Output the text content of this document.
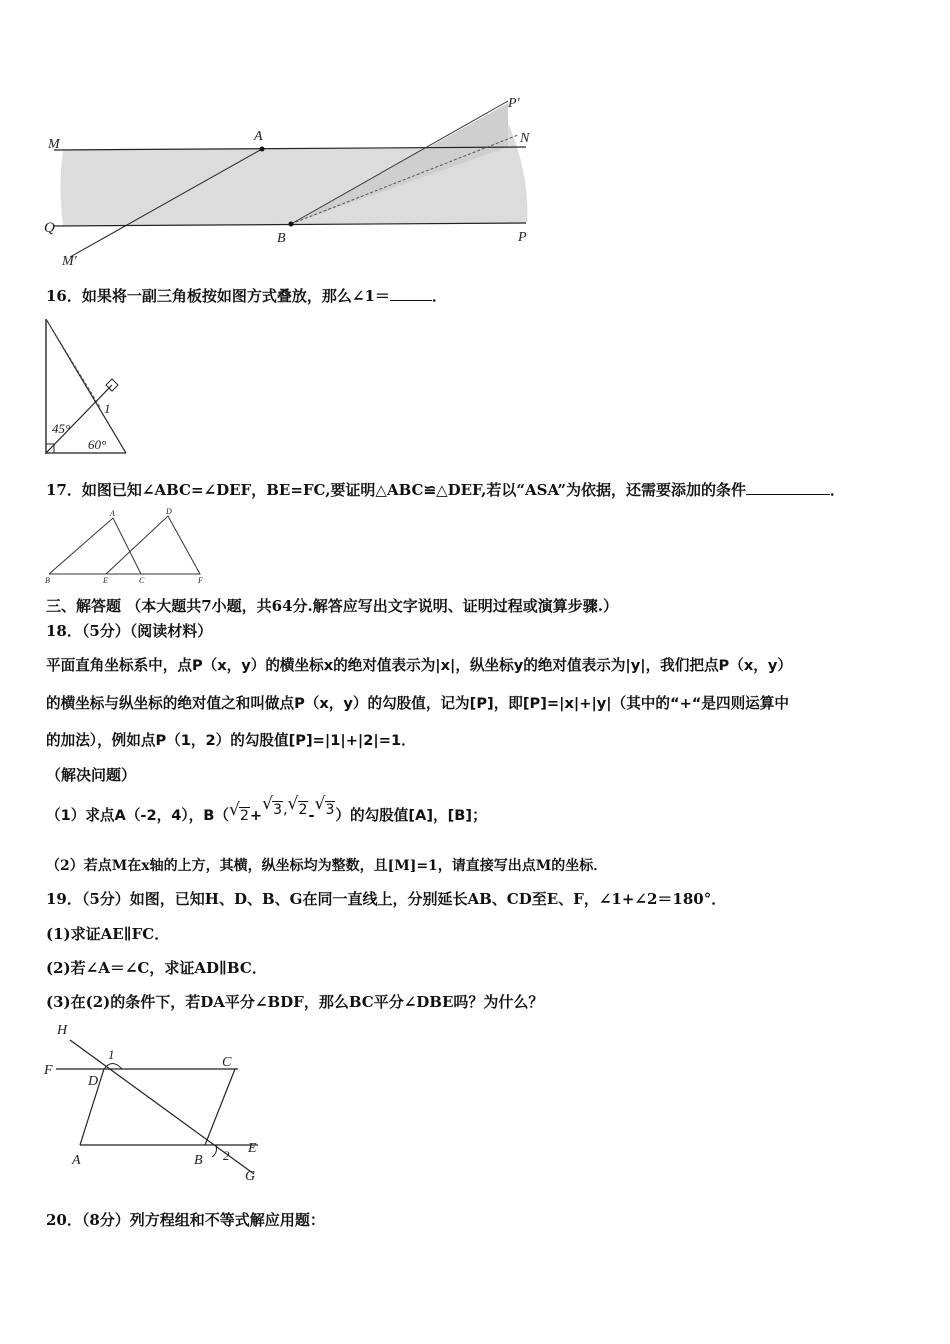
M
A
P′
N
Q
B	P
M′
16．如果将一副三角板按如图方式叠放，那么∠1＝	．
1
45°
60°
17．如图已知∠ABC=∠DEF，BE=FC,要证明△ABC≌△DEF,若以“ASA”为依据，还需要添加的条件	．
A	D
B	E	C	F
三、解答题 （本大题共7小题，共64分.解答应写出文字说明、证明过程或演算步骤.）
18．（5分）（阅读材料）
平面直角坐标系中，点P（x，y）的横坐标x的绝对值表示为|x|，纵坐标y的绝对值表示为|y|，我们把点P（x，y）
的横坐标与纵坐标的绝对值之和叫做点P（x，y）的勾股值，记为[P]，即[P]=|x|+|y|（其中的“+“是四则运算中
的加法），例如点P（1，2）的勾股值[P]=|1|+|2|=1．
（解决问题）
（1）求点A（-2，4），B（ √ 2+
√ 3, √ 2-
√ 3）的勾股值[A]，[B]；
（2）若点M在x轴的上方，其横，纵坐标均为整数，且[M]=1，请直接写出点M的坐标．
19．（5分）如图，已知H、D、B、G在同一直线上，分别延长AB、CD至E、F，∠1+∠2＝180°．
(1)求证AE∥FC．
(2)若∠A＝∠C，求证AD∥BC．
(3)在(2)的条件下，若DA平分∠BDF，那么BC平分∠DBE吗？为什么？
H
F
D
1
C
A	B 2 E
G
20．（8分）列方程组和不等式解应用题：
